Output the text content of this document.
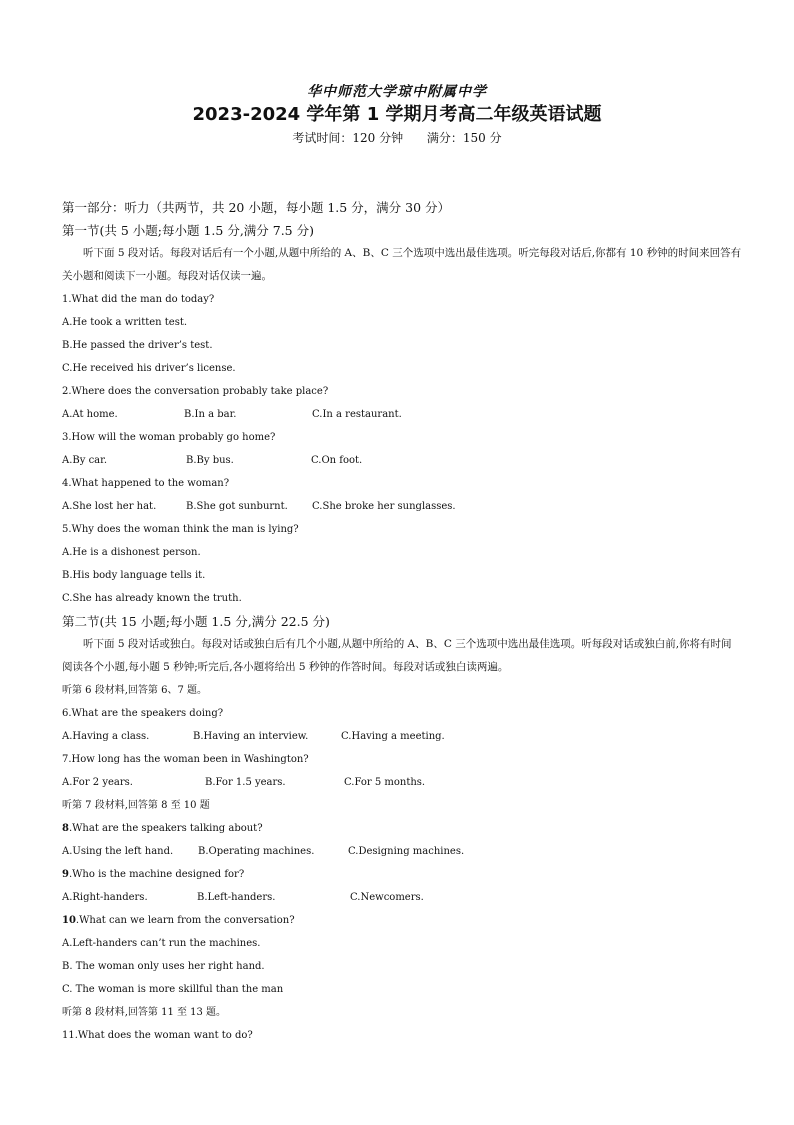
华中师范大学琼中附属中学
2023-2024 学年第 1 学期月考高二年级英语试题
考试时间：120 分钟 满分：150 分
第一部分：听力（共两节，共 20 小题，每小题 1.5 分，满分 30 分）
第一节(共 5 小题;每小题 1.5 分,满分 7.5 分)
听下面 5 段对话。每段对话后有一个小题,从题中所给的 A、B、C 三个选项中选出最佳选项。听完每段对话后,你都有 10 秒钟的时间来回答有关小题和阅读下一小题。每段对话仅读一遍。
1.What did the man do today?
A.He took a written test.
B.He passed the driver’s test.
C.He received his driver’s license.
2.Where does the conversation probably take place?
A.At home.	B.In a bar.	C.In a restaurant.
3.How will the woman probably go home?
A.By car.	B.By bus.	C.On foot.
4.What happened to the woman?
A.She lost her hat.	B.She got sunburnt.	C.She broke her sunglasses.
5.Why does the woman think the man is lying?
A.He is a dishonest person.
B.His body language tells it.
C.She has already known the truth.
第二节(共 15 小题;每小题 1.5 分,满分 22.5 分)
听下面 5 段对话或独白。每段对话或独白后有几个小题,从题中所给的 A、B、C 三个选项中选出最佳选项。听每段对话或独白前,你将有时间阅读各个小题,每小题 5 秒钟;听完后,各小题将给出 5 秒钟的作答时间。每段对话或独白读两遍。
听第 6 段材料,回答第 6、7 题。
6.What are the speakers doing?
A.Having a class.	B.Having an interview.	C.Having a meeting.
7.How long has the woman been in Washington?
A.For 2 years.	B.For 1.5 years.	C.For 5 months.
听第 7 段材料,回答第 8 至 10 题
8.What are the speakers talking about?
A.Using the left hand.	B.Operating machines.	C.Designing machines.
9.Who is the machine designed for?
A.Right-handers.	B.Left-handers.	C.Newcomers.
10.What can we learn from the conversation?
A.Left-handers can’t run the machines.
B. The woman only uses her right hand.
C. The woman is more skillful than the man
听第 8 段材料,回答第 11 至 13 题。
11.What does the woman want to do?
